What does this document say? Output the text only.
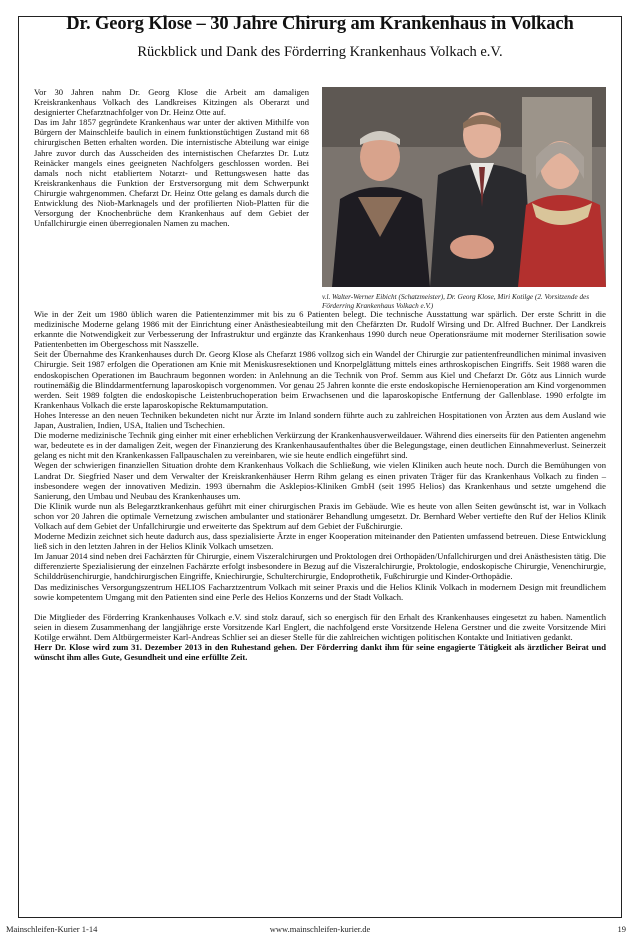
Dr. Georg Klose – 30 Jahre Chirurg am Krankenhaus in Volkach
Rückblick und Dank des Förderring Krankenhaus Volkach e.V.

Vor 30 Jahren nahm Dr. Georg Klose die Arbeit am damaligen Kreiskrankenhaus Volkach des Landkreises Kitzingen als Oberarzt und designierter Chefarztnachfolger von Dr. Heinz Otte auf.

Das im Jahr 1857 gegründete Krankenhaus war unter der aktiven Mithilfe von Bürgern der Mainschleife baulich in einem funktionstüchtigen Zustand mit 68 chirurgischen Betten erhalten worden. Die internistische Abteilung war einige Jahre zuvor durch das Ausscheiden des internistischen Chefarztes Dr. Lutz Reinäcker mangels eines geeigneten Nachfolgers geschlossen worden. Bei damals noch nicht etabliertem Notarzt- und Rettungswesen hatte das Kreiskrankenhaus die Funktion der Erstversorgung mit dem Schwerpunkt Chirurgie wahrgenommen. Chefarzt Dr. Heinz Otte gelang es damals durch die Entwicklung des Niob-Marknagels und der profilierten Niob-Platten für die Versorgung der Knochenbrüche dem Krankenhaus auf dem Gebiet der Unfallchirurgie einen überregionalen Namen zu machen.

v.l. Walter-Werner Eibicht (Schatzmeister), Dr. Georg Klose, Miri Kotilge (2. Vorsitzende des Förderring Krankenhaus Volkach e.V.)

Wie in der Zeit um 1980 üblich waren die Patientenzimmer mit bis zu 6 Patienten belegt. Die technische Ausstattung war spärlich. Der erste Schritt in die medizinische Moderne gelang 1986 mit der Einrichtung einer Anästhesieabteilung mit den Chefärzten Dr. Rudolf Wirsing und Dr. Alfred Buchner. Der Landkreis erkannte die Notwendigkeit zur Verbesserung der Infrastruktur und ergänzte das Krankenhaus 1990 durch neue Operationsräume mit moderner Sterilisation sowie Patientenbetten im Obergeschoss mit Nasszelle.

Seit der Übernahme des Krankenhauses durch Dr. Georg Klose als Chefarzt 1986 vollzog sich ein Wandel der Chirurgie zur patientenfreundlichen minimal invasiven Chirurgie. Seit 1987 erfolgen die Operationen am Knie mit Meniskusresektionen und Knorpelglättung mittels eines arthroskopischen Eingriffs. Seit 1988 waren die endoskopischen Operationen im Bauchraum begonnen worden: in Anlehnung an die Technik von Prof. Semm aus Kiel und Chefarzt Dr. Götz aus Linnich wurde routinemäßig die Blinddarmentfernung laparoskopisch vorgenommen. Vor genau 25 Jahren konnte die erste endoskopische Hernienoperation am Kind vorgenommen werden. Seit 1989 folgten die endoskopische Leistenbruchoperation beim Erwachsenen und die laparoskopische Entfernung der Gallenblase. 1990 erfolgte im Krankenhaus Volkach die erste laparoskopische Rektumamputation.

Hohes Interesse an den neuen Techniken bekundeten nicht nur Ärzte im Inland sondern führte auch zu zahlreichen Hospitationen von Ärzten aus dem Ausland wie Japan, Australien, Indien, USA, Italien und Tschechien.

Die moderne medizinische Technik ging einher mit einer erheblichen Verkürzung der Krankenhausverweildauer. Während dies einerseits für den Patienten angenehm war, bedeutete es in der damaligen Zeit, wegen der Finanzierung des Krankenhausaufenthaltes über die Belegungstage, einen deutlichen Einnahmeverlust. Seinerzeit gelang es nicht mit den Krankenkassen Fallpauschalen zu vereinbaren, wie sie heute endlich eingeführt sind.

Wegen der schwierigen finanziellen Situation drohte dem Krankenhaus Volkach die Schließung, wie vielen Kliniken auch heute noch. Durch die Bemühungen von Landrat Dr. Siegfried Naser und dem Verwalter der Kreiskrankenhäuser Herrn Rihm gelang es einen privaten Träger für das Krankenhaus Volkach zu finden – insbesondere wegen der innovativen Medizin. 1993 übernahm die Asklepios-Kliniken GmbH (seit 1995 Helios) das Krankenhaus und setzte umgehend die Sanierung, den Umbau und Neubau des Krankenhauses um.

Die Klinik wurde nun als Belegarztkrankenhaus geführt mit einer chirurgischen Praxis im Gebäude. Wie es heute von allen Seiten gewünscht ist, war in Volkach schon vor 20 Jahren die optimale Vernetzung zwischen ambulanter und stationärer Behandlung umgesetzt. Dr. Bernhard Weber vertiefte den Ruf der Helios Klinik Volkach auf dem Gebiet der Unfallchirurgie und erweiterte das Spektrum auf dem Gebiet der Fußchirurgie.

Moderne Medizin zeichnet sich heute dadurch aus, dass spezialisierte Ärzte in enger Kooperation miteinander den Patienten umfassend betreuen. Diese Entwicklung ließ sich in den letzten Jahren in der Helios Klinik Volkach umsetzen.

Im Januar 2014 sind neben drei Fachärzten für Chirurgie, einem Viszeralchirurgen und Proktologen drei Orthopäden/Unfallchirurgen und drei Anästhesisten tätig. Die differenzierte Spezialisierung der einzelnen Fachärzte erfolgt insbesondere in Bezug auf die Viszeralchirurgie, Proktologie, endoskopische Chirurgie, Venenchirurgie, Schilddrüsenchirurgie, handchirurgischen Eingriffe, Kniechirurgie, Schulterchirurgie, Endoprothetik, Fußchirurgie und Kinder-Orthopädie.

Das medizinisches Versorgungszentrum HELIOS Facharztzentrum Volkach mit seiner Praxis und die Helios Klinik Volkach in modernem Design mit freundlichem sowie kompetentem Umgang mit den Patienten sind eine Perle des Helios Konzerns und der Stadt Volkach.

Die Mitglieder des Förderring Krankenhauses Volkach e.V. sind stolz darauf, sich so energisch für den Erhalt des Krankenhauses eingesetzt zu haben. Namentlich seien in diesem Zusammenhang der langjährige erste Vorsitzende Karl Englert, die nachfolgend erste Vorsitzende Helena Gerstner und die zweite Vorsitzende Miri Kotilge erwähnt. Dem Altbürgermeister Karl-Andreas Schlier sei an dieser Stelle für die zahlreichen wichtigen politischen Kontakte und Initiativen gedankt.

Herr Dr. Klose wird zum 31. Dezember 2013 in den Ruhestand gehen. Der Förderring dankt ihm für seine engagierte Tätigkeit als ärztlicher Beirat und wünscht ihm alles Gute, Gesundheit und eine erfüllte Zeit.

Mainschleifen-Kurier 1-14	www.mainschleifen-kurier.de	19
